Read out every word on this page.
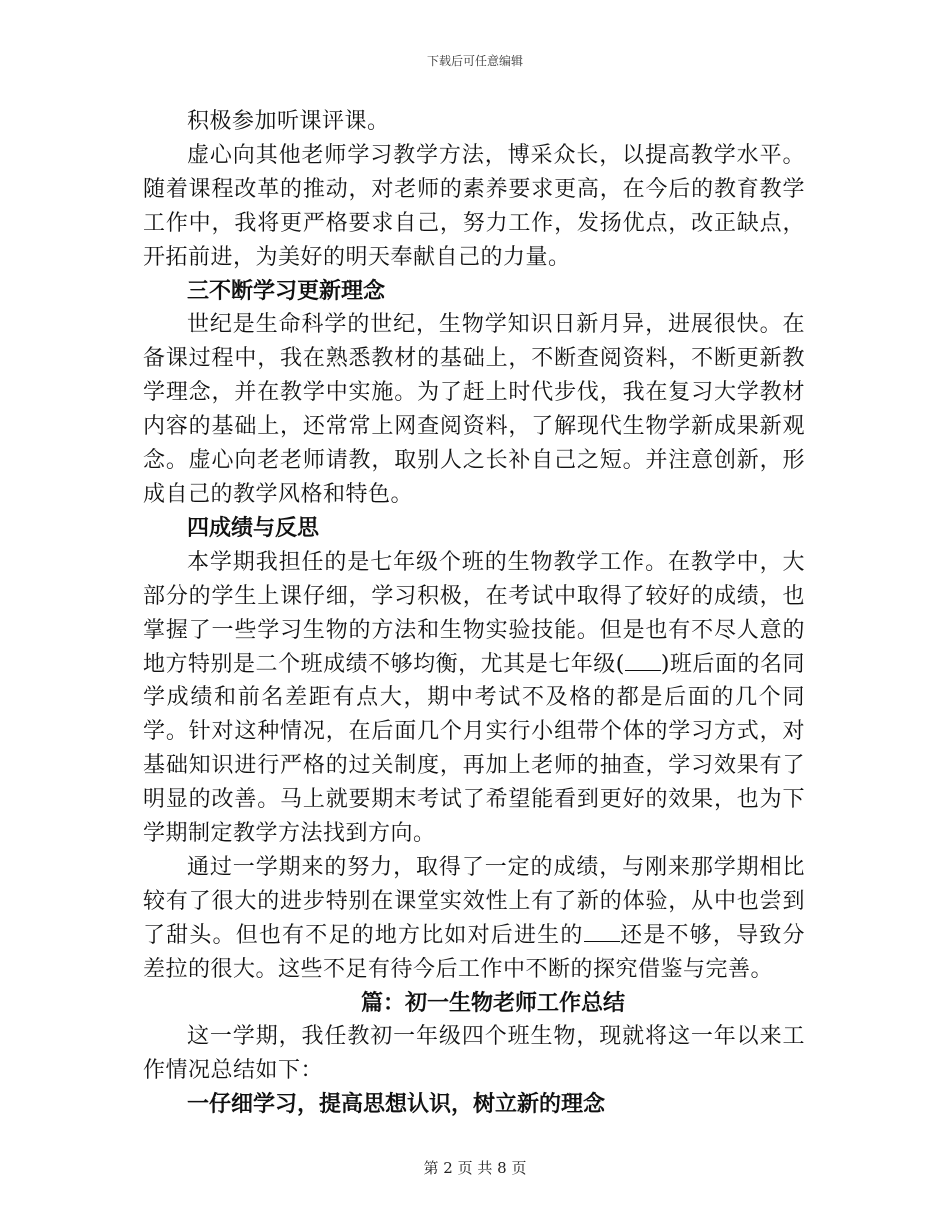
下载后可任意编辑

积极参加听课评课。

虚心向其他老师学习教学方法，博采众长，以提高教学水平。随着课程改革的推动，对老师的素养要求更高，在今后的教育教学工作中，我将更严格要求自己，努力工作，发扬优点，改正缺点，开拓前进，为美好的明天奉献自己的力量。

三不断学习更新理念

世纪是生命科学的世纪，生物学知识日新月异，进展很快。在备课过程中，我在熟悉教材的基础上，不断查阅资料，不断更新教学理念，并在教学中实施。为了赶上时代步伐，我在复习大学教材内容的基础上，还常常上网查阅资料，了解现代生物学新成果新观念。虚心向老老师请教，取别人之长补自己之短。并注意创新，形成自己的教学风格和特色。

四成绩与反思

本学期我担任的是七年级个班的生物教学工作。在教学中，大部分的学生上课仔细，学习积极，在考试中取得了较好的成绩，也掌握了一些学习生物的方法和生物实验技能。但是也有不尽人意的地方特别是二个班成绩不够均衡，尤其是七年级( )班后面的名同学成绩和前名差距有点大，期中考试不及格的都是后面的几个同学。针对这种情况，在后面几个月实行小组带个体的学习方式，对基础知识进行严格的过关制度，再加上老师的抽查，学习效果有了明显的改善。马上就要期末考试了希望能看到更好的效果，也为下学期制定教学方法找到方向。

通过一学期来的努力，取得了一定的成绩，与刚来那学期相比较有了很大的进步特别在课堂实效性上有了新的体验，从中也尝到了甜头。但也有不足的地方比如对后进生的 还是不够，导致分差拉的很大。这些不足有待今后工作中不断的探究借鉴与完善。

篇：初一生物老师工作总结

这一学期，我任教初一年级四个班生物，现就将这一年以来工作情况总结如下：

一仔细学习，提高思想认识，树立新的理念

第 2 页 共 8 页
